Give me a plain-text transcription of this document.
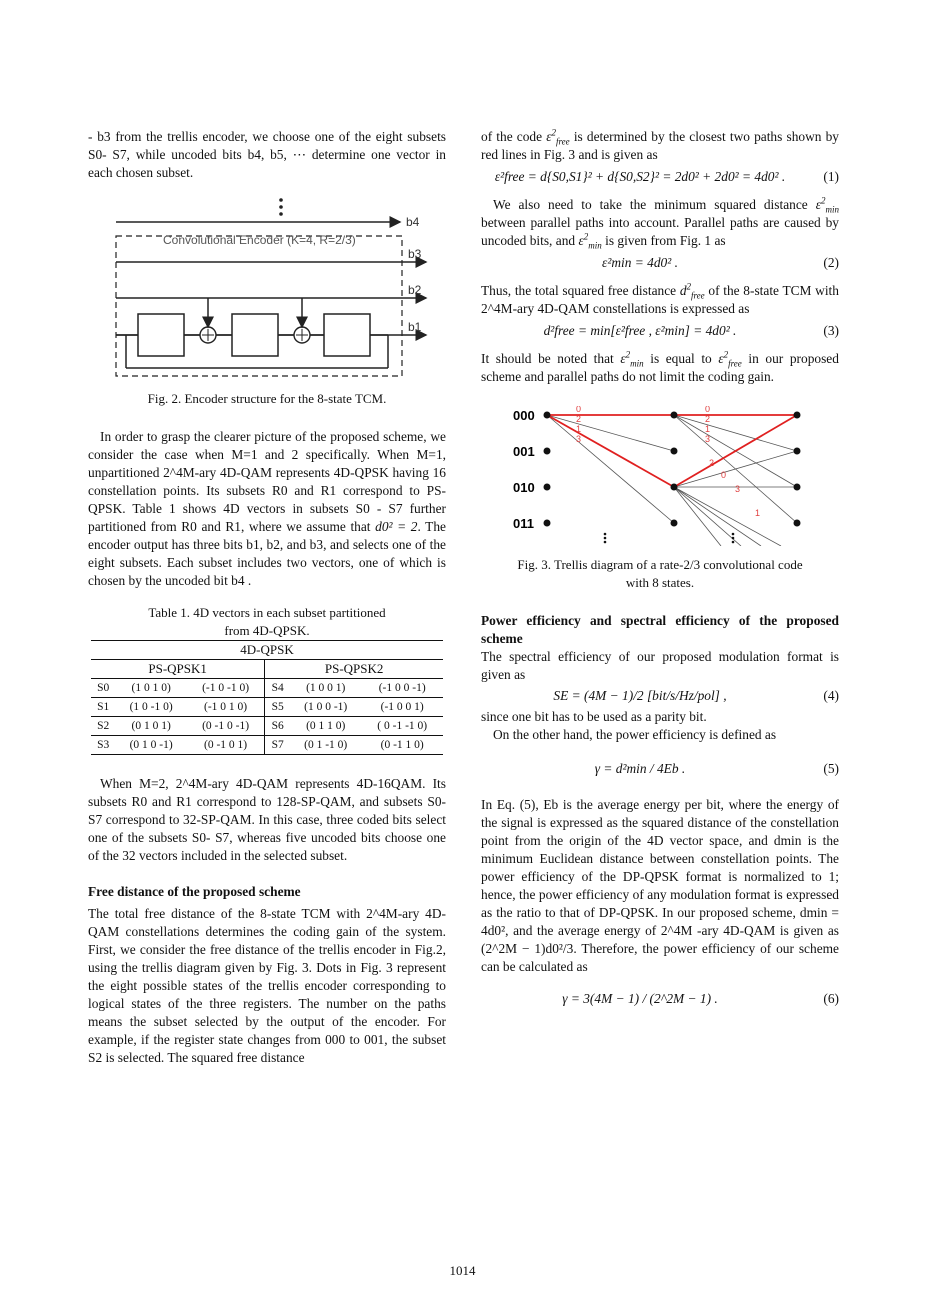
- b3 from the trellis encoder, we choose one of the eight subsets S0- S7, while uncoded bits b4, b5, ⋯ determine one vector in each chosen subset.

b4
Convolutional Encoder (K=4, R=2/3)
b3
b2
b1

Fig. 2. Encoder structure for the 8-state TCM.

In order to grasp the clearer picture of the proposed scheme, we consider the case when M=1 and 2 specifically. When M=1, unpartitioned 2^4M-ary 4D-QAM represents 4D-QPSK having 16 constellation points. Its subsets R0 and R1 correspond to PS-QPSK. Table 1 shows 4D vectors in subsets S0 - S7 further partitioned from R0 and R1, where we assume that d0² = 2. The encoder output has three bits b1, b2, and b3, and selects one of the eight subsets. Each subset includes two vectors, one of which is chosen by the uncoded bit b4 .

Table 1. 4D vectors in each subset partitioned
from 4D-QPSK.
4D-QPSK					
PS-QPSK1			PS-QPSK2		
S0	(1 0 1 0)	(-1 0 -1 0)	S4	(1 0 0 1)	(-1 0 0 -1)
S1	(1 0 -1 0)	(-1 0 1 0)	S5	(1 0 0 -1)	(-1 0 0 1)
S2	(0 1 0 1)	(0 -1 0 -1)	S6	(0 1 1 0)	( 0 -1 -1 0)
S3	(0 1 0 -1)	(0 -1 0 1)	S7	(0 1 -1 0)	(0 -1 1 0)

When M=2, 2^4M-ary 4D-QAM represents 4D-16QAM. Its subsets R0 and R1 correspond to 128-SP-QAM, and subsets S0- S7 correspond to 32-SP-QAM. In this case, three coded bits select one of the subsets S0- S7, whereas five uncoded bits choose one of the 32 vectors included in the selected subset.

Free distance of the proposed scheme

The total free distance of the 8-state TCM with 2^4M-ary 4D-QAM constellations determines the coding gain of the system. First, we consider the free distance of the trellis encoder in Fig.2, using the trellis diagram given by Fig. 3. Dots in Fig. 3 represent the eight possible states of the trellis encoder corresponding to logical states of the three registers. The number on the paths means the subset selected by the output of the encoder. For example, if the register state changes from 000 to 001, the subset S2 is selected. The squared free distance

of the code $\varepsilon^2_{free}$ is determined by the closest two paths shown by red lines in Fig. 3 and is given as

ε²free = d{S0,S1}² + d{S0,S2}² = 2d0² + 2d0² = 4d0² .	(1)

We also need to take the minimum squared distance $\varepsilon^2_{min}$ between parallel paths into account. Parallel paths are caused by uncoded bits, and $\varepsilon^2_{min}$ is given from Fig. 1 as

ε²min = 4d0² .	(2)

Thus, the total squared free distance $d^2_{free}$ of the 8-state TCM with 2^4M-ary 4D-QAM constellations is expressed as

d²free = min[ε²free , ε²min] = 4d0² .	(3)

It should be noted that $\varepsilon^2_{min}$ is equal to $\varepsilon^2_{free}$ in our proposed scheme and parallel paths do not limit the coding gain.

000
001
010
011
0
2
1
3
0
2
1
3
2
0
3
1
Fig. 3. Trellis diagram of a rate-2/3 convolutional code
with 8 states.

Power efficiency and spectral efficiency of the proposed scheme

The spectral efficiency of our proposed modulation format is given as

SE = (4M − 1)/2 [bit/s/Hz/pol] ,	(4)

since one bit has to be used as a parity bit.

On the other hand, the power efficiency is defined as

γ = d²min / 4Eb .	(5)

In Eq. (5), Eb is the average energy per bit, where the energy of the signal is expressed as the squared distance of the constellation point from the origin of the 4D vector space, and dmin is the minimum Euclidean distance between constellation points. The power efficiency of the DP-QPSK format is normalized to 1; hence, the power efficiency of any modulation format is expressed as the ratio to that of DP-QPSK. In our proposed scheme, dmin = 4d0², and the average energy of 2^4M -ary 4D-QAM is given as (2^2M − 1)d0²/3. Therefore, the power efficiency of our scheme can be calculated as

γ = 3(4M − 1) / (2^2M − 1) .	(6)
1014
